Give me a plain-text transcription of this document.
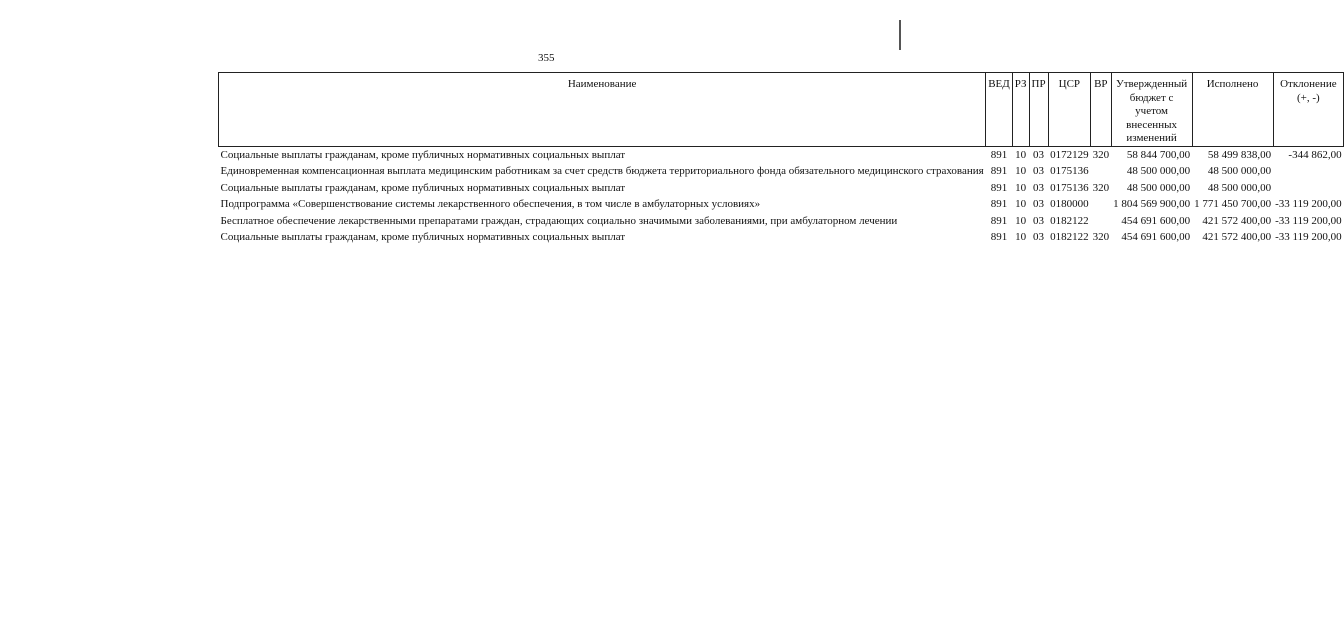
355
Наименование	ВЕД	РЗ	ПР	ЦСР	ВР	Утвержденный бюджет с учетом внесенных изменений	Исполнено	Отклонение (+, -)
Социальные выплаты гражданам, кроме публичных нормативных социальных выплат	891	10	03	0172129	320	58 844 700,00	58 499 838,00	-344 862,00
Единовременная компенсационная выплата медицинским работникам за счет средств бюджета территориального фонда обязательного медицинского страхования	891	10	03	0175136		48 500 000,00	48 500 000,00	
Социальные выплаты гражданам, кроме публичных нормативных социальных выплат	891	10	03	0175136	320	48 500 000,00	48 500 000,00	
Подпрограмма «Совершенствование системы лекарственного обеспечения, в том числе в амбулаторных условиях»	891	10	03	0180000		1 804 569 900,00	1 771 450 700,00	-33 119 200,00
Бесплатное обеспечение лекарственными препаратами граждан, страдающих социально значимыми заболеваниями, при амбулаторном лечении	891	10	03	0182122		454 691 600,00	421 572 400,00	-33 119 200,00
Социальные выплаты гражданам, кроме публичных нормативных социальных выплат	891	10	03	0182122	320	454 691 600,00	421 572 400,00	-33 119 200,00
